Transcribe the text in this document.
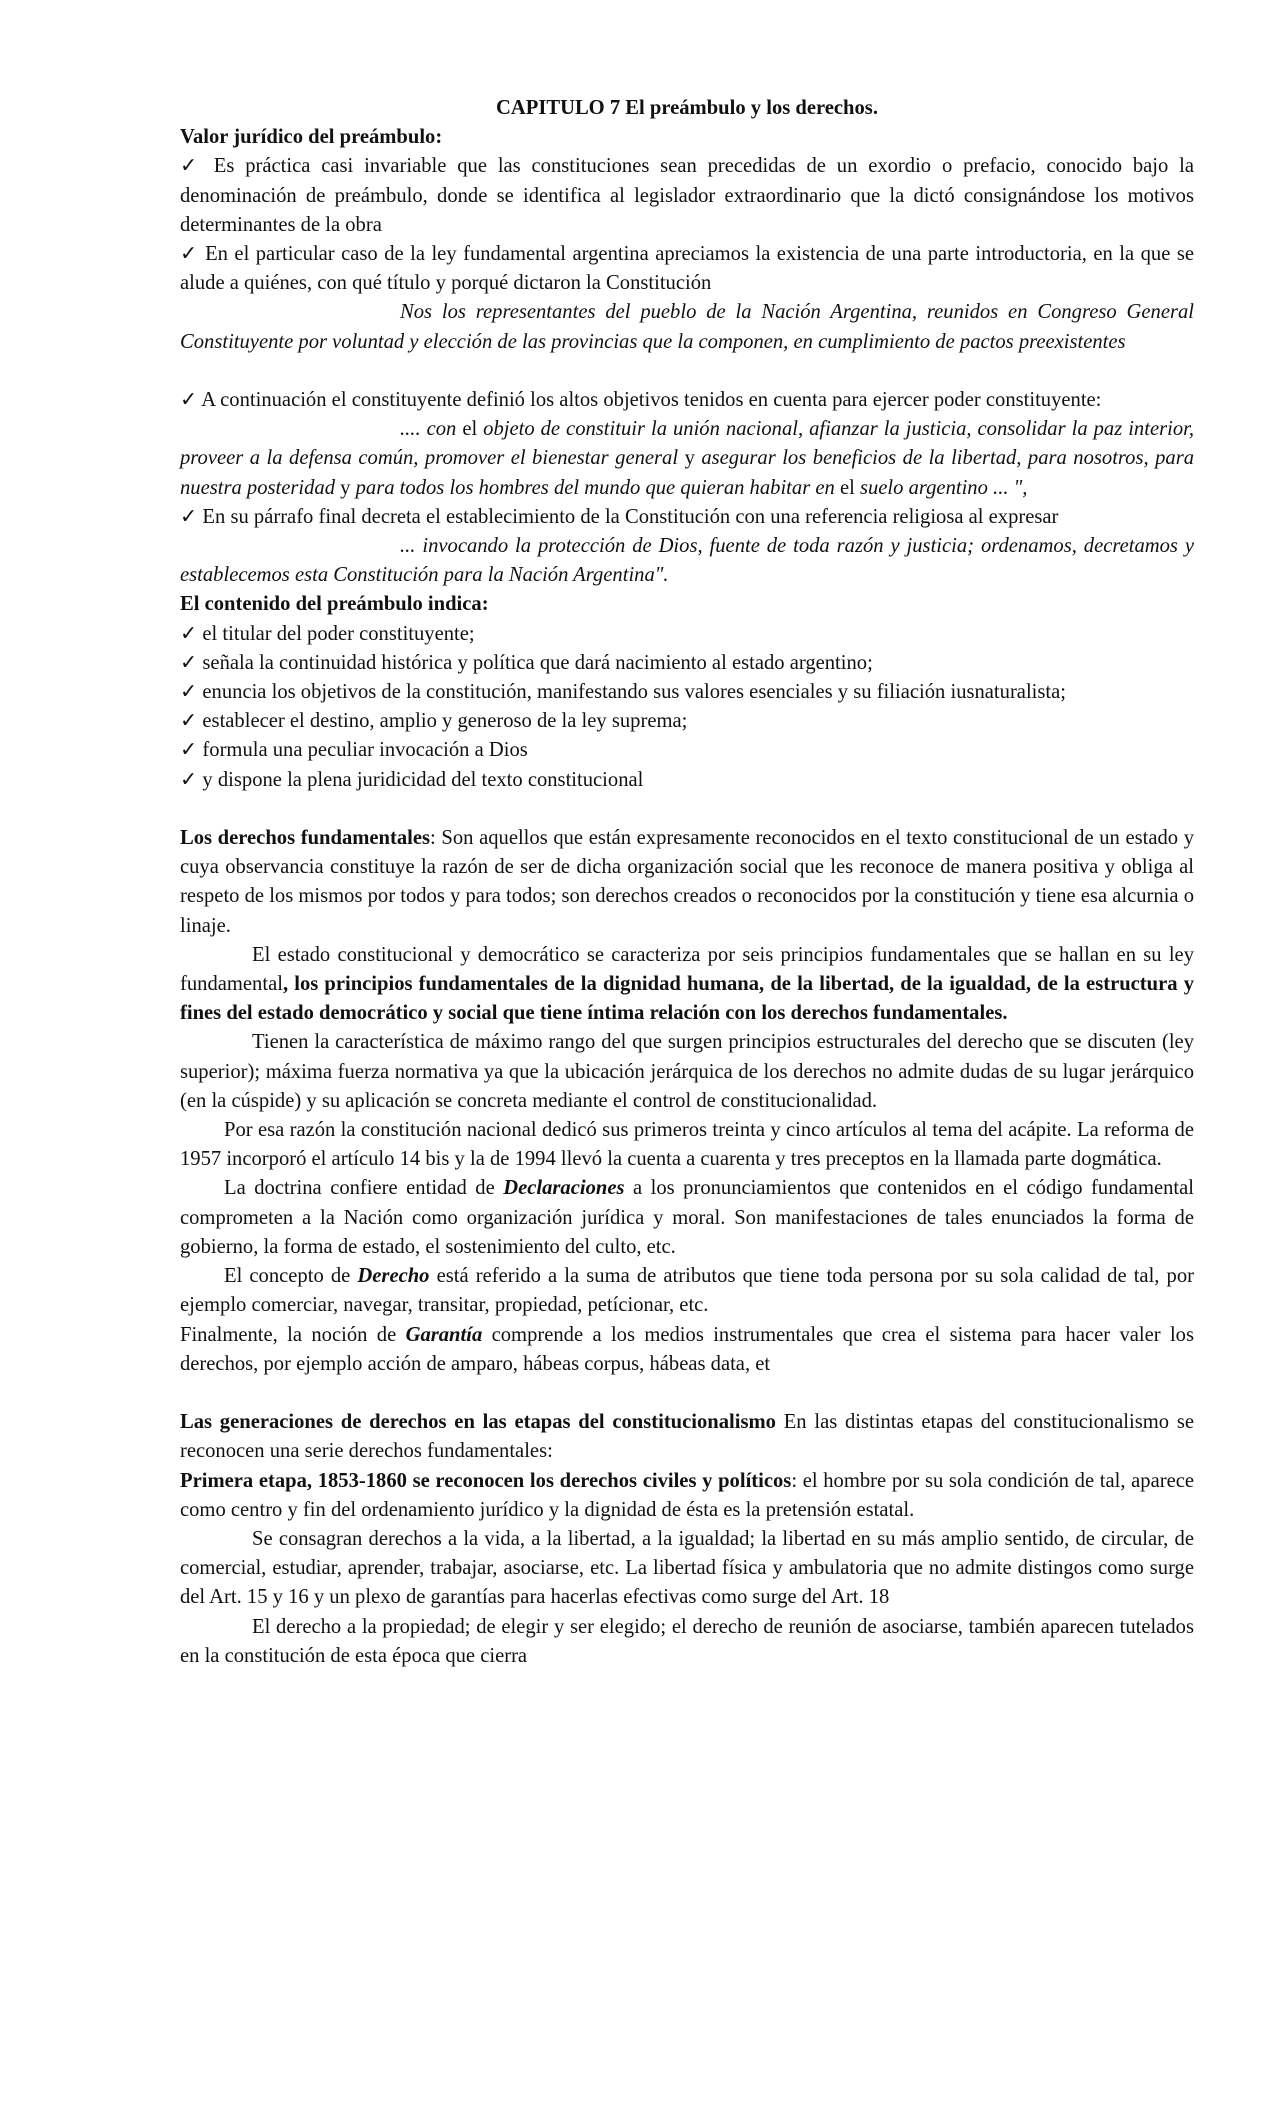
CAPITULO 7 El preámbulo y los derechos.

Valor jurídico del preámbulo:

✓ Es práctica casi invariable que las constituciones sean precedidas de un exordio o prefacio, conocido bajo la denominación de preámbulo, donde se identifica al legislador extraordinario que la dictó consignándose los motivos determinantes de la obra

✓ En el particular caso de la ley fundamental argentina apreciamos la existencia de una parte introductoria, en la que se alude a quiénes, con qué título y porqué dictaron la Constitución

Nos los representantes del pueblo de la Nación Argentina, reunidos en Congreso General Constituyente por voluntad y elección de las provincias que la componen, en cumplimiento de pactos preexistentes

✓ A continuación el constituyente definió los altos objetivos tenidos en cuenta para ejercer poder constituyente:

.... con el objeto de constituir la unión nacional, afianzar la justicia, consolidar la paz interior, proveer a la defensa común, promover el bienestar general y asegurar los beneficios de la libertad, para nosotros, para nuestra posteridad y para todos los hombres del mundo que quieran habitar en el suelo argentino ... ",

✓ En su párrafo final decreta el establecimiento de la Constitución con una referencia religiosa al expresar

... invocando la protección de Dios, fuente de toda razón y justicia; ordenamos, decretamos y establecemos esta Constitución para la Nación Argentina".

El contenido del preámbulo indica:

✓ el titular del poder constituyente;

✓ señala la continuidad histórica y política que dará nacimiento al estado argentino;

✓ enuncia los objetivos de la constitución, manifestando sus valores esenciales y su filiación iusnaturalista;

✓ establecer el destino, amplio y generoso de la ley suprema;

✓ formula una peculiar invocación a Dios

✓ y dispone la plena juridicidad del texto constitucional

Los derechos fundamentales: Son aquellos que están expresamente reconocidos en el texto constitucional de un estado y cuya observancia constituye la razón de ser de dicha organización social que les reconoce de manera positiva y obliga al respeto de los mismos por todos y para todos; son derechos creados o reconocidos por la constitución y tiene esa alcurnia o linaje.

El estado constitucional y democrático se caracteriza por seis principios fundamentales que se hallan en su ley fundamental, los principios fundamentales de la dignidad humana, de la libertad, de la igualdad, de la estructura y fines del estado democrático y social que tiene íntima relación con los derechos fundamentales.

Tienen la característica de máximo rango del que surgen principios estructurales del derecho que se discuten (ley superior); máxima fuerza normativa ya que la ubicación jerárquica de los derechos no admite dudas de su lugar jerárquico (en la cúspide) y su aplicación se concreta mediante el control de constitucionalidad.

Por esa razón la constitución nacional dedicó sus primeros treinta y cinco artículos al tema del acápite. La reforma de 1957 incorporó el artículo 14 bis y la de 1994 llevó la cuenta a cuarenta y tres preceptos en la llamada parte dogmática.

La doctrina confiere entidad de Declaraciones a los pronunciamientos que contenidos en el código fundamental comprometen a la Nación como organización jurídica y moral. Son manifestaciones de tales enunciados la forma de gobierno, la forma de estado, el sostenimiento del culto, etc.

El concepto de Derecho está referido a la suma de atributos que tiene toda persona por su sola calidad de tal, por ejemplo comerciar, navegar, transitar, propiedad, petícionar, etc.

Finalmente, la noción de Garantía comprende a los medios instrumentales que crea el sistema para hacer valer los derechos, por ejemplo acción de amparo, hábeas corpus, hábeas data, et

Las generaciones de derechos en las etapas del constitucionalismo En las distintas etapas del constitucionalismo se reconocen una serie derechos fundamentales:

Primera etapa, 1853-1860 se reconocen los derechos civiles y políticos: el hombre por su sola condición de tal, aparece como centro y fin del ordenamiento jurídico y la dignidad de ésta es la pretensión estatal.

Se consagran derechos a la vida, a la libertad, a la igualdad; la libertad en su más amplio sentido, de circular, de comercial, estudiar, aprender, trabajar, asociarse, etc. La libertad física y ambulatoria que no admite distingos como surge del Art. 15 y 16 y un plexo de garantías para hacerlas efectivas como surge del Art. 18

El derecho a la propiedad; de elegir y ser elegido; el derecho de reunión de asociarse, también aparecen tutelados en la constitución de esta época que cierra
